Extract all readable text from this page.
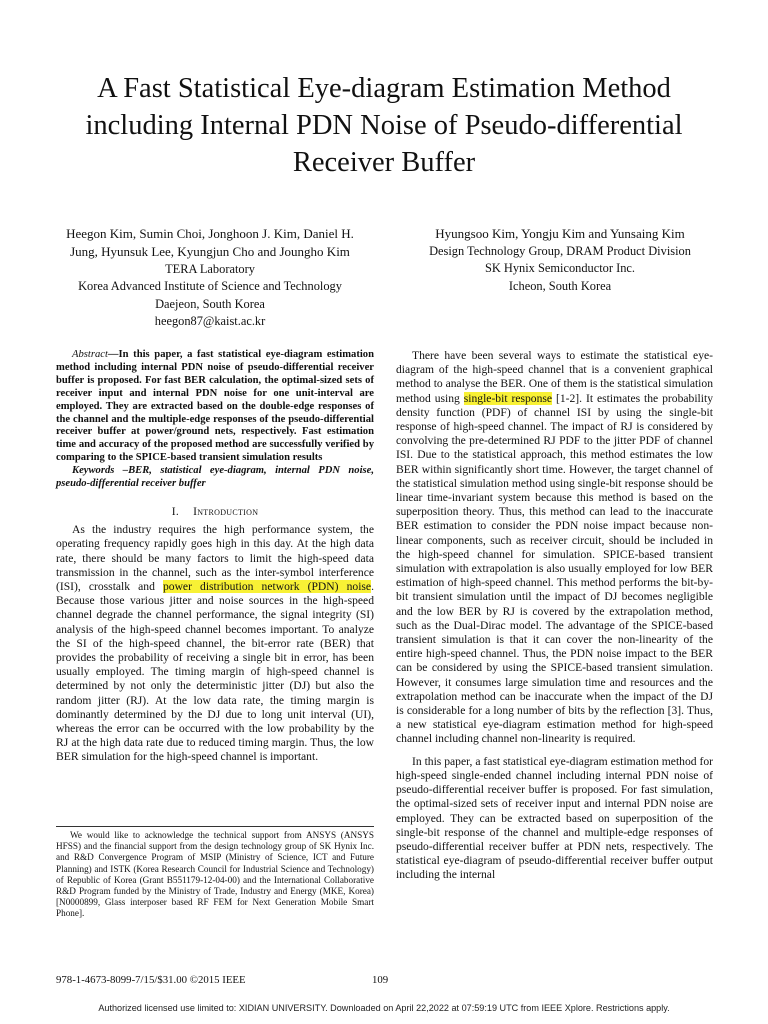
A Fast Statistical Eye-diagram Estimation Method
including Internal PDN Noise of Pseudo-differential
Receiver Buffer
Heegon Kim, Sumin Choi, Jonghoon J. Kim, Daniel H.
Jung, Hyunsuk Lee, Kyungjun Cho and Joungho Kim
TERA Laboratory
Korea Advanced Institute of Science and Technology
Daejeon, South Korea
heegon87@kaist.ac.kr
Hyungsoo Kim, Yongju Kim and Yunsaing Kim
Design Technology Group, DRAM Product Division
SK Hynix Semiconductor Inc.
Icheon, South Korea

Abstract—In this paper, a fast statistical eye-diagram estimation method including internal PDN noise of pseudo-differential receiver buffer is proposed. For fast BER calculation, the optimal-sized sets of receiver input and internal PDN noise for one unit-interval are employed. They are extracted based on the double-edge responses of the channel and the multiple-edge responses of the pseudo-differential receiver buffer at power/ground nets, respectively. Fast estimation time and accuracy of the proposed method are successfully verified by comparing to the SPICE-based transient simulation results

Keywords –BER, statistical eye-diagram, internal PDN noise, pseudo-differential receiver buffer

I. Introduction

As the industry requires the high performance system, the operating frequency rapidly goes high in this day. At the high data rate, there should be many factors to limit the high-speed data transmission in the channel, such as the inter-symbol interference (ISI), crosstalk and power distribution network (PDN) noise. Because those various jitter and noise sources in the high-speed channel degrade the channel performance, the signal integrity (SI) analysis of the high-speed channel becomes important. To analyze the SI of the high-speed channel, the bit-error rate (BER) that provides the probability of receiving a single bit in error, has been usually employed. The timing margin of high-speed channel is determined by not only the deterministic jitter (DJ) but also the random jitter (RJ). At the low data rate, the timing margin is dominantly determined by the DJ due to long unit interval (UI), whereas the error can be occurred with the low probability by the RJ at the high data rate due to reduced timing margin. Thus, the low BER simulation for the high-speed channel is important.

There have been several ways to estimate the statistical eye-diagram of the high-speed channel that is a convenient graphical method to analyse the BER. One of them is the statistical simulation method using single-bit response [1-2]. It estimates the probability density function (PDF) of channel ISI by using the single-bit response of high-speed channel. The impact of RJ is considered by convolving the pre-determined RJ PDF to the jitter PDF of channel ISI. Due to the statistical approach, this method estimates the low BER within significantly short time. However, the target channel of the statistical simulation method using single-bit response should be linear time-invariant system because this method is based on the superposition theory. Thus, this method can lead to the inaccurate BER estimation to consider the PDN noise impact because non-linear components, such as receiver circuit, should be included in the high-speed channel for simulation. SPICE-based transient simulation with extrapolation is also usually employed for low BER estimation of high-speed channel. This method performs the bit-by-bit transient simulation until the impact of DJ becomes negligible and the low BER by RJ is covered by the extrapolation method, such as the Dual-Dirac model. The advantage of the SPICE-based transient simulation is that it can cover the non-linearity of the entire high-speed channel. Thus, the PDN noise impact to the BER can be considered by using the SPICE-based transient simulation. However, it consumes large simulation time and resources and the extrapolation method can be inaccurate when the impact of the DJ is considerable for a long number of bits by the reflection [3]. Thus, a new statistical eye-diagram estimation method for high-speed channel including channel non-linearity is required.

In this paper, a fast statistical eye-diagram estimation method for high-speed single-ended channel including internal PDN noise of pseudo-differential receiver buffer is proposed. For fast simulation, the optimal-sized sets of receiver input and internal PDN noise are employed. They can be extracted based on superposition of the single-bit response of the channel and multiple-edge responses of pseudo-differential receiver buffer at PDN nets, respectively. The statistical eye-diagram of pseudo-differential receiver buffer output including the internal

We would like to acknowledge the technical support from ANSYS (ANSYS HFSS) and the financial support from the design technology group of SK Hynix Inc. and R&D Convergence Program of MSIP (Ministry of Science, ICT and Future Planning) and ISTK (Korea Research Council for Industrial Science and Technology) of Republic of Korea (Grant B551179-12-04-00) and the International Collaborative R&D Program funded by the Ministry of Trade, Industry and Energy (MKE, Korea) [N0000899, Glass interposer based RF FEM for Next Generation Mobile Smart Phone].

978-1-4673-8099-7/15/$31.00 ©2015 IEEE	109
Authorized licensed use limited to: XIDIAN UNIVERSITY. Downloaded on April 22,2022 at 07:59:19 UTC from IEEE Xplore. Restrictions apply.
